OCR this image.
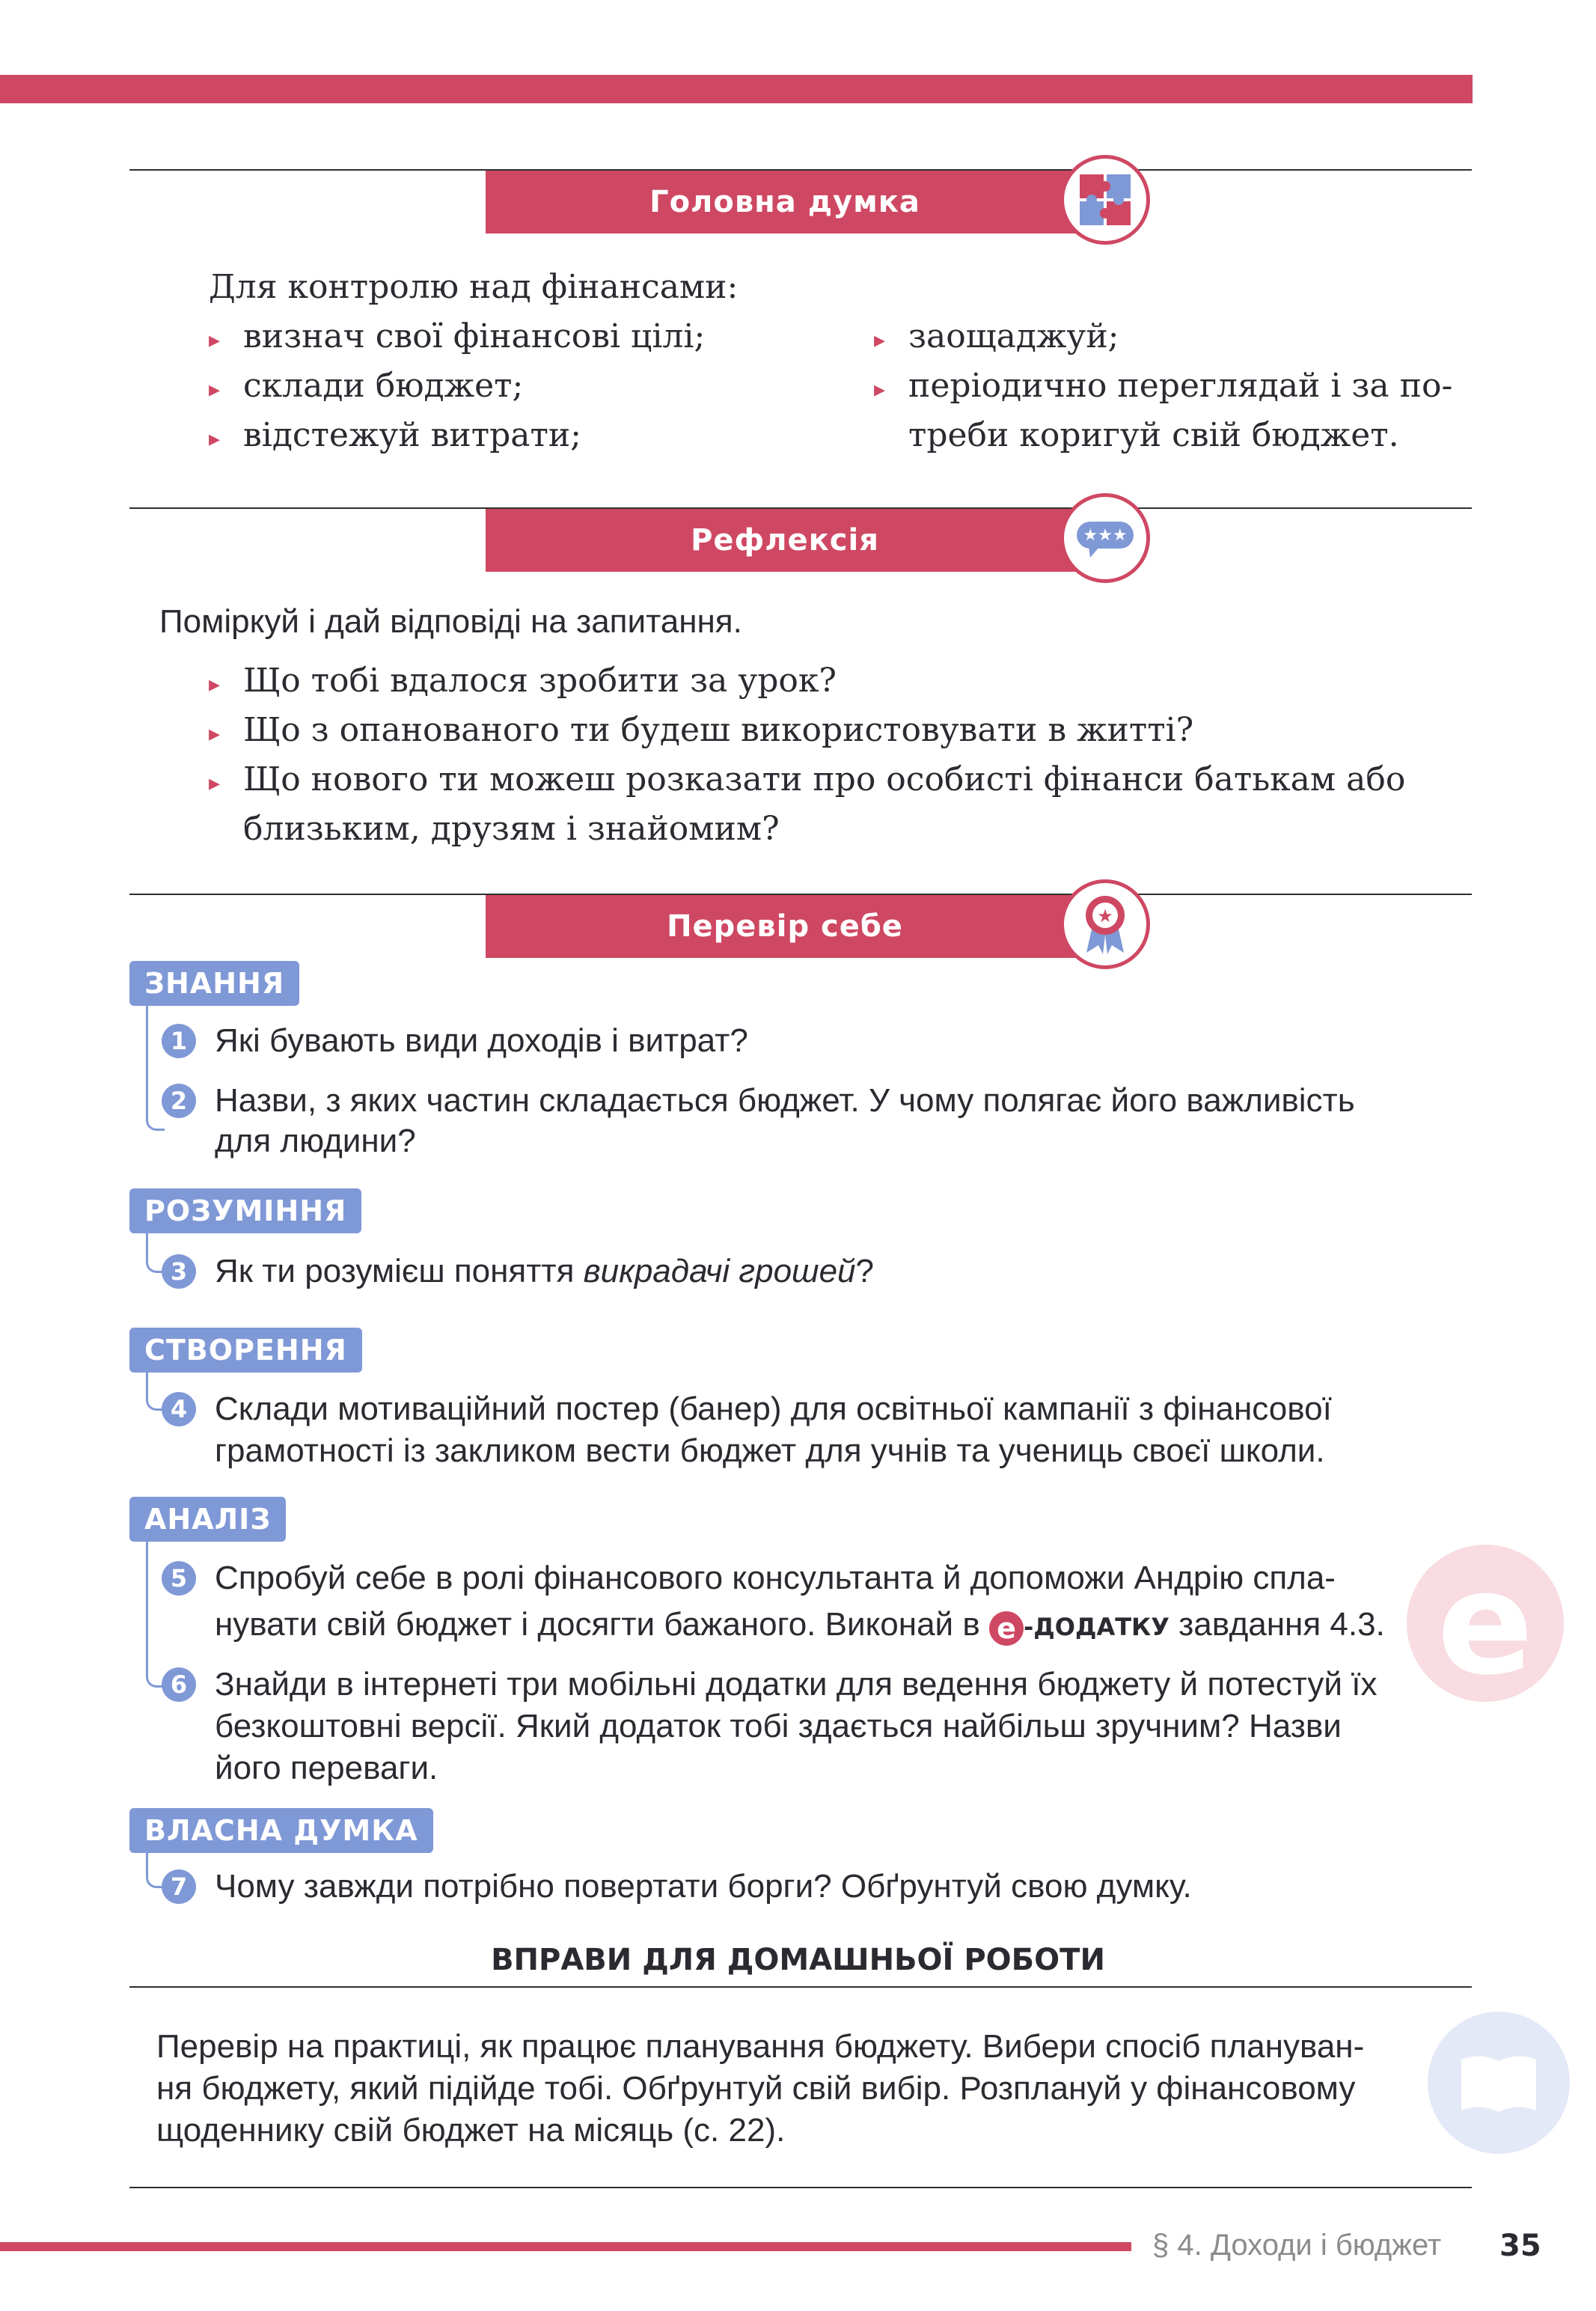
Головна думка
Для контролю над фінансами:
▸ визнач свої фінансові цілі;
▸ склади бюджет;
▸ відстежуй витрати;
▸ заощаджуй;
▸ періодично переглядай і за по-
треби коригуй свій бюджет.
Рефлексія	★★★
Поміркуй і дай відповіді на запитання.
▸ Що тобі вдалося зробити за урок?
▸ Що з опанованого ти будеш використовувати в житті?
▸ Що нового ти можеш розказати про особисті фінанси батькам або
близьким, друзям і знайомим?
Перевір себе	★
ЗНАННЯ
1 Які бувають види доходів і витрат?
2 Назви, з яких частин складається бюджет. У чому полягає його важливість
для людини?
РОЗУМІННЯ
3 Як ти розумієш поняття викрадачі грошей?
СТВОРЕННЯ
4 Склади мотиваційний постер (банер) для освітньої кампанії з фінансової
грамотності із закликом вести бюджет для учнів та учениць своєї школи.
АНАЛІЗ
5 Спробуй себе в ролі фінансового консультанта й допоможи Андрію спла-
нувати свій бюджет і досягти бажаного. Виконай в е -ДОДАТКУ завдання 4.3.
6 Знайди в інтернеті три мобільні додатки для ведення бюджету й потестуй їх
безкоштовні версії. Який додаток тобі здається найбільш зручним? Назви
його переваги.
ВЛАСНА ДУМКА
7 Чому завжди потрібно повертати борги? Обґрунтуй свою думку.
е
ВПРАВИ ДЛЯ ДОМАШНЬОЇ РОБОТИ
Перевір на практиці, як працює планування бюджету. Вибери спосіб плануван-
ня бюджету, який підійде тобі. Обґрунтуй свій вибір. Розплануй у фінансовому
щоденнику свій бюджет на місяць (с. 22).
§ 4. Доходи і бюджет 35
